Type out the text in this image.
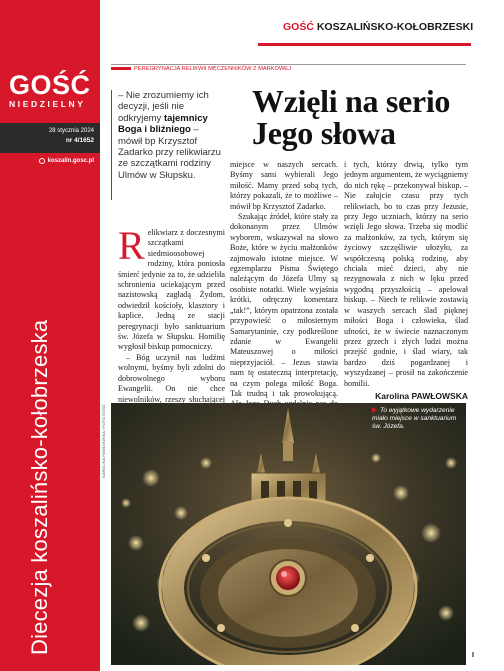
GOŚĆ
NIEDZIELNY
28 stycznia 2024
nr 4/1652
koszalin.gosc.pl
Diecezja koszalińsko-kołobrzeska
GOŚĆ KOSZALIŃSKO-KOŁOBRZESKI
PEREGRYNACJA RELIKWII MĘCZENNIKÓW Z MARKOWEJ
– Nie zrozumiemy ich decyzji, jeśli nie odkryjemy tajemnicy Boga i bliźniego – mówił bp Krzysztof Zadarko przy relikwiarzu ze szczątkami rodziny Ulmów w Słupsku.
Wzięli na serio Jego słowa

Relikwiarz z doczesnymi szczątkami siedmioosobowej rodziny, która poniosła śmierć jedynie za to, że udzieliła schronienia uciekającym przed nazistowską zagładą Żydom, odwiedził kościoły, klasztory i kaplice. Jedną ze stacji peregrynacji było sanktuarium św. Józefa w Słupsku. Homilię wygłosił biskup pomocniczy.

– Bóg uczynił nas ludźmi wolnymi, byśmy byli zdolni do dobrowolnego wyboru Ewangelii. On nie chce niewolników, rzeszy słuchającej

miejsce w naszych sercach. Byśmy sami wybierali Jego miłość. Mamy przed sobą tych, którzy pokazali, że to możliwe – mówił bp Krzysztof Zadarko.

Szukając źródeł, które stały za dokonanym przez Ulmów wyborem, wskazywał na słowo Boże, które w życiu małżonków zajmowało istotne miejsce. W egzemplarzu Pisma Świętego należącym do Józefa Ulmy są osobiste notatki. Wiele wyjaśnia krótki, odręczny komentarz „tak!”, którym opatrzona została przypowieść o miłosiernym Samarytaninie, czy podkreślone zdanie w Ewangelii Mateuszowej o miłości nieprzyjaciół. – Jezus stawia nam tę ostateczną interpretację, na czym polega miłość Boga. Tak trudną i tak prowokującą.

i tych, którzy drwią, tylko tym jednym argumentem, że wyciągniemy do nich rękę – przekonywał biskup. – Nie załujcie czasu przy tych relikwiach, bo to czas przy Jezusie, przy Jego uczniach, którzy na serio wzięli Jego słowa. Trzeba się modlić za małżonków, za tych, którym się życiowy szczęśliwie ułożyło, za współczesną polską rodzinę, aby chciała mieć dzieci, aby nie rezygnowała z nich w lęku przed wygodną przyszłością – apelował biskup. – Niech te relikwie zostawią w waszych sercach ślad pięknej miłości Boga i człowieka, ślad ufności, że w świecie naznaczonym przez grzech i złych ludzi można przejść godnie, i ślad wiary, tak bardzo dziś pogardzanej i wyszydzanej – prosił na zakończenie homilii.

Karolina PAWŁOWSKA
KAROLINA PAWŁOWSKA / FOTO GOŚĆ	To wyjątkowe wydarzenie miało miejsce w sanktuarium św. Józefa.
I
